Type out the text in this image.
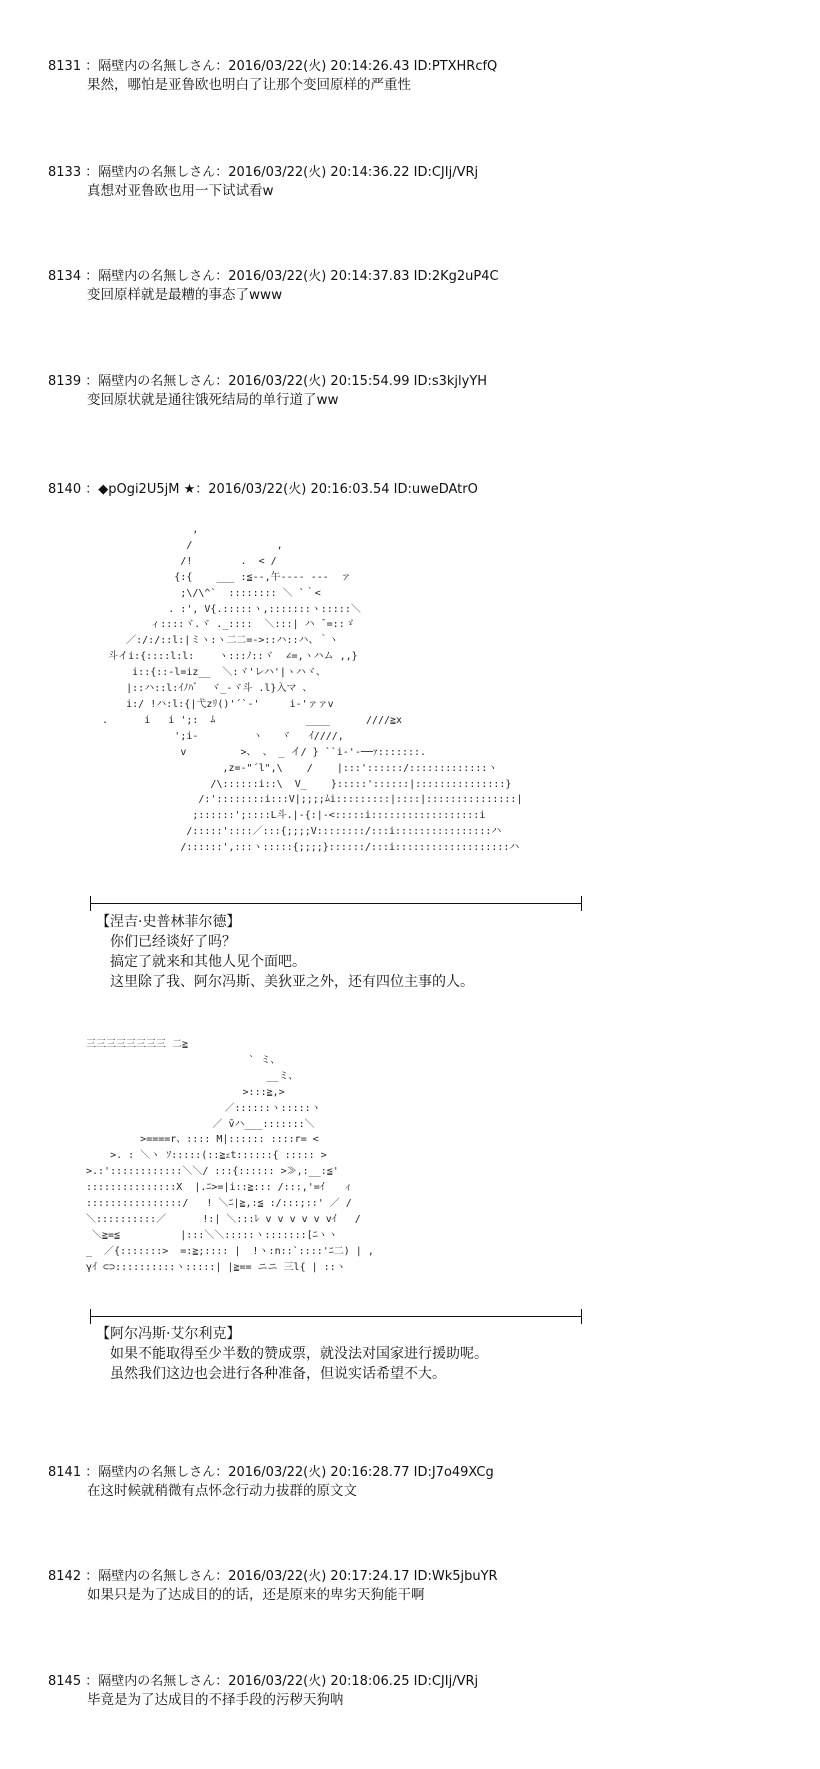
8131 ：隔壁内の名無しさん：2016/03/22(火) 20:14:26.43 ID:PTXHRcfQ
果然，哪怕是亚鲁欧也明白了让那个变回原样的严重性
8133 ：隔壁内の名無しさん：2016/03/22(火) 20:14:36.22 ID:CJIj/VRj
真想对亚鲁欧也用一下试试看w
8134 ：隔壁内の名無しさん：2016/03/22(火) 20:14:37.83 ID:2Kg2uP4C
变回原样就是最糟的事态了www
8139 ：隔壁内の名無しさん：2016/03/22(火) 20:15:54.99 ID:s3kjlyYH
变回原状就是通往饿死结局的单行道了ww
8140 ：◆pOgi2U5jM ★：2016/03/22(火) 20:16:03.54 ID:uweDAtrO
,
/              ,
/!        .  < /
{:{    ___ :≦--,午---- ---  ァ
;\/\^`  :::::::: ＼ `｀<
. :', V{.:::::ヽ,:::::::ヽ:::::＼
ィ::::ヾ.ヾ ._::::  ＼:::| ハ ̄ =::ゞ
／:/:/::l:|ミヽ:ヽ二二=->::ハ::ハ、｀ヽ
斗イi:{::::l:l:    ヽ:::ﾉ::ヾ  ∠=,ヽハム ,,}
i::{::-l=iz__  ＼:ヾ'レハ'|ヽハヾ、
|::ハ::l:ｲﾉﾊﾞ  ヾ_-ヾ斗 .l}入マ 、
i:/ !ハ:l:{|弋zﾘ()'´`-'     i-'ァァv
.      i   i ';:  ﾑ               ____      ////≧x
';i-         ヽ   ヾ   ｲ////,
v         >、 、 _ イ/ } ``i‐'-──ｧ:::::::.
,z=-"´l",\    /    |:::'::::::/:::::::::::::ヽ
/\::::::i::\  V_    }:::::'::::::|:::::::::::::::}
/:'::::::::i:::V|;;;;ﾑi:::::::::|::::|:::::::::::::::|
;::::::';::::L斗.|-{:|-<:::::i::::::::::::::::::i
/:::::'::::／:::{;;;;V::::::::/:::i::::::::::::::::ハ
/::::::',:::ヽ:::::{;;;;}::::::/:::i:::::::::::::::::::ハ
【涅吉·史普林菲尔德】
你们已经谈好了吗？
搞定了就来和其他人见个面吧。
这里除了我、阿尔冯斯、美狄亚之外，还有四位主事的人。
三三三三三三三三 二≧
` ミ、
__ミ、
>:::≧,>
／::::::ヽ:::::ヽ
／ ̄vハ___:::::::＼
>====r、:::: M|:::::: ::::r= <
>. : ＼ヽ ｿ:::::(::≧ｪt::::::{ ::::: >
>.:'::::::::::::＼＼/ :::{:::::: >≫,:__:≦'
:::::::::::::::X  |.ﾆ>=|i::≧::: /:::,'=ｲ   ィ
::::::::::::::::/   ! ＼ﾆ|≧,:≦ :/:::;::' ／ /
＼::::::::::／      !:| ＼:::ﾚ v v v v v vｲ   /
＼≧=≦          |:::＼＼:::::ヽ:::::::[ﾆヽヽ
_  ／{:::::::>  =:≧;:::: |  !ヽ:n::`::::'ﾆ二) | ,
γｲ ⊂⊃::::::::::ヽ:::::| |≧== ニニ 三l{ | ::ヽ
【阿尔冯斯·艾尔利克】
如果不能取得至少半数的赞成票，就没法对国家进行援助呢。
虽然我们这边也会进行各种准备，但说实话希望不大。
8141 ：隔壁内の名無しさん：2016/03/22(火) 20:16:28.77 ID:J7o49XCg
在这时候就稍微有点怀念行动力拔群的原文文
8142 ：隔壁内の名無しさん：2016/03/22(火) 20:17:24.17 ID:Wk5jbuYR
如果只是为了达成目的的话，还是原来的卑劣天狗能干啊
8145 ：隔壁内の名無しさん：2016/03/22(火) 20:18:06.25 ID:CJIj/VRj
毕竟是为了达成目的不择手段的污秽天狗呐
